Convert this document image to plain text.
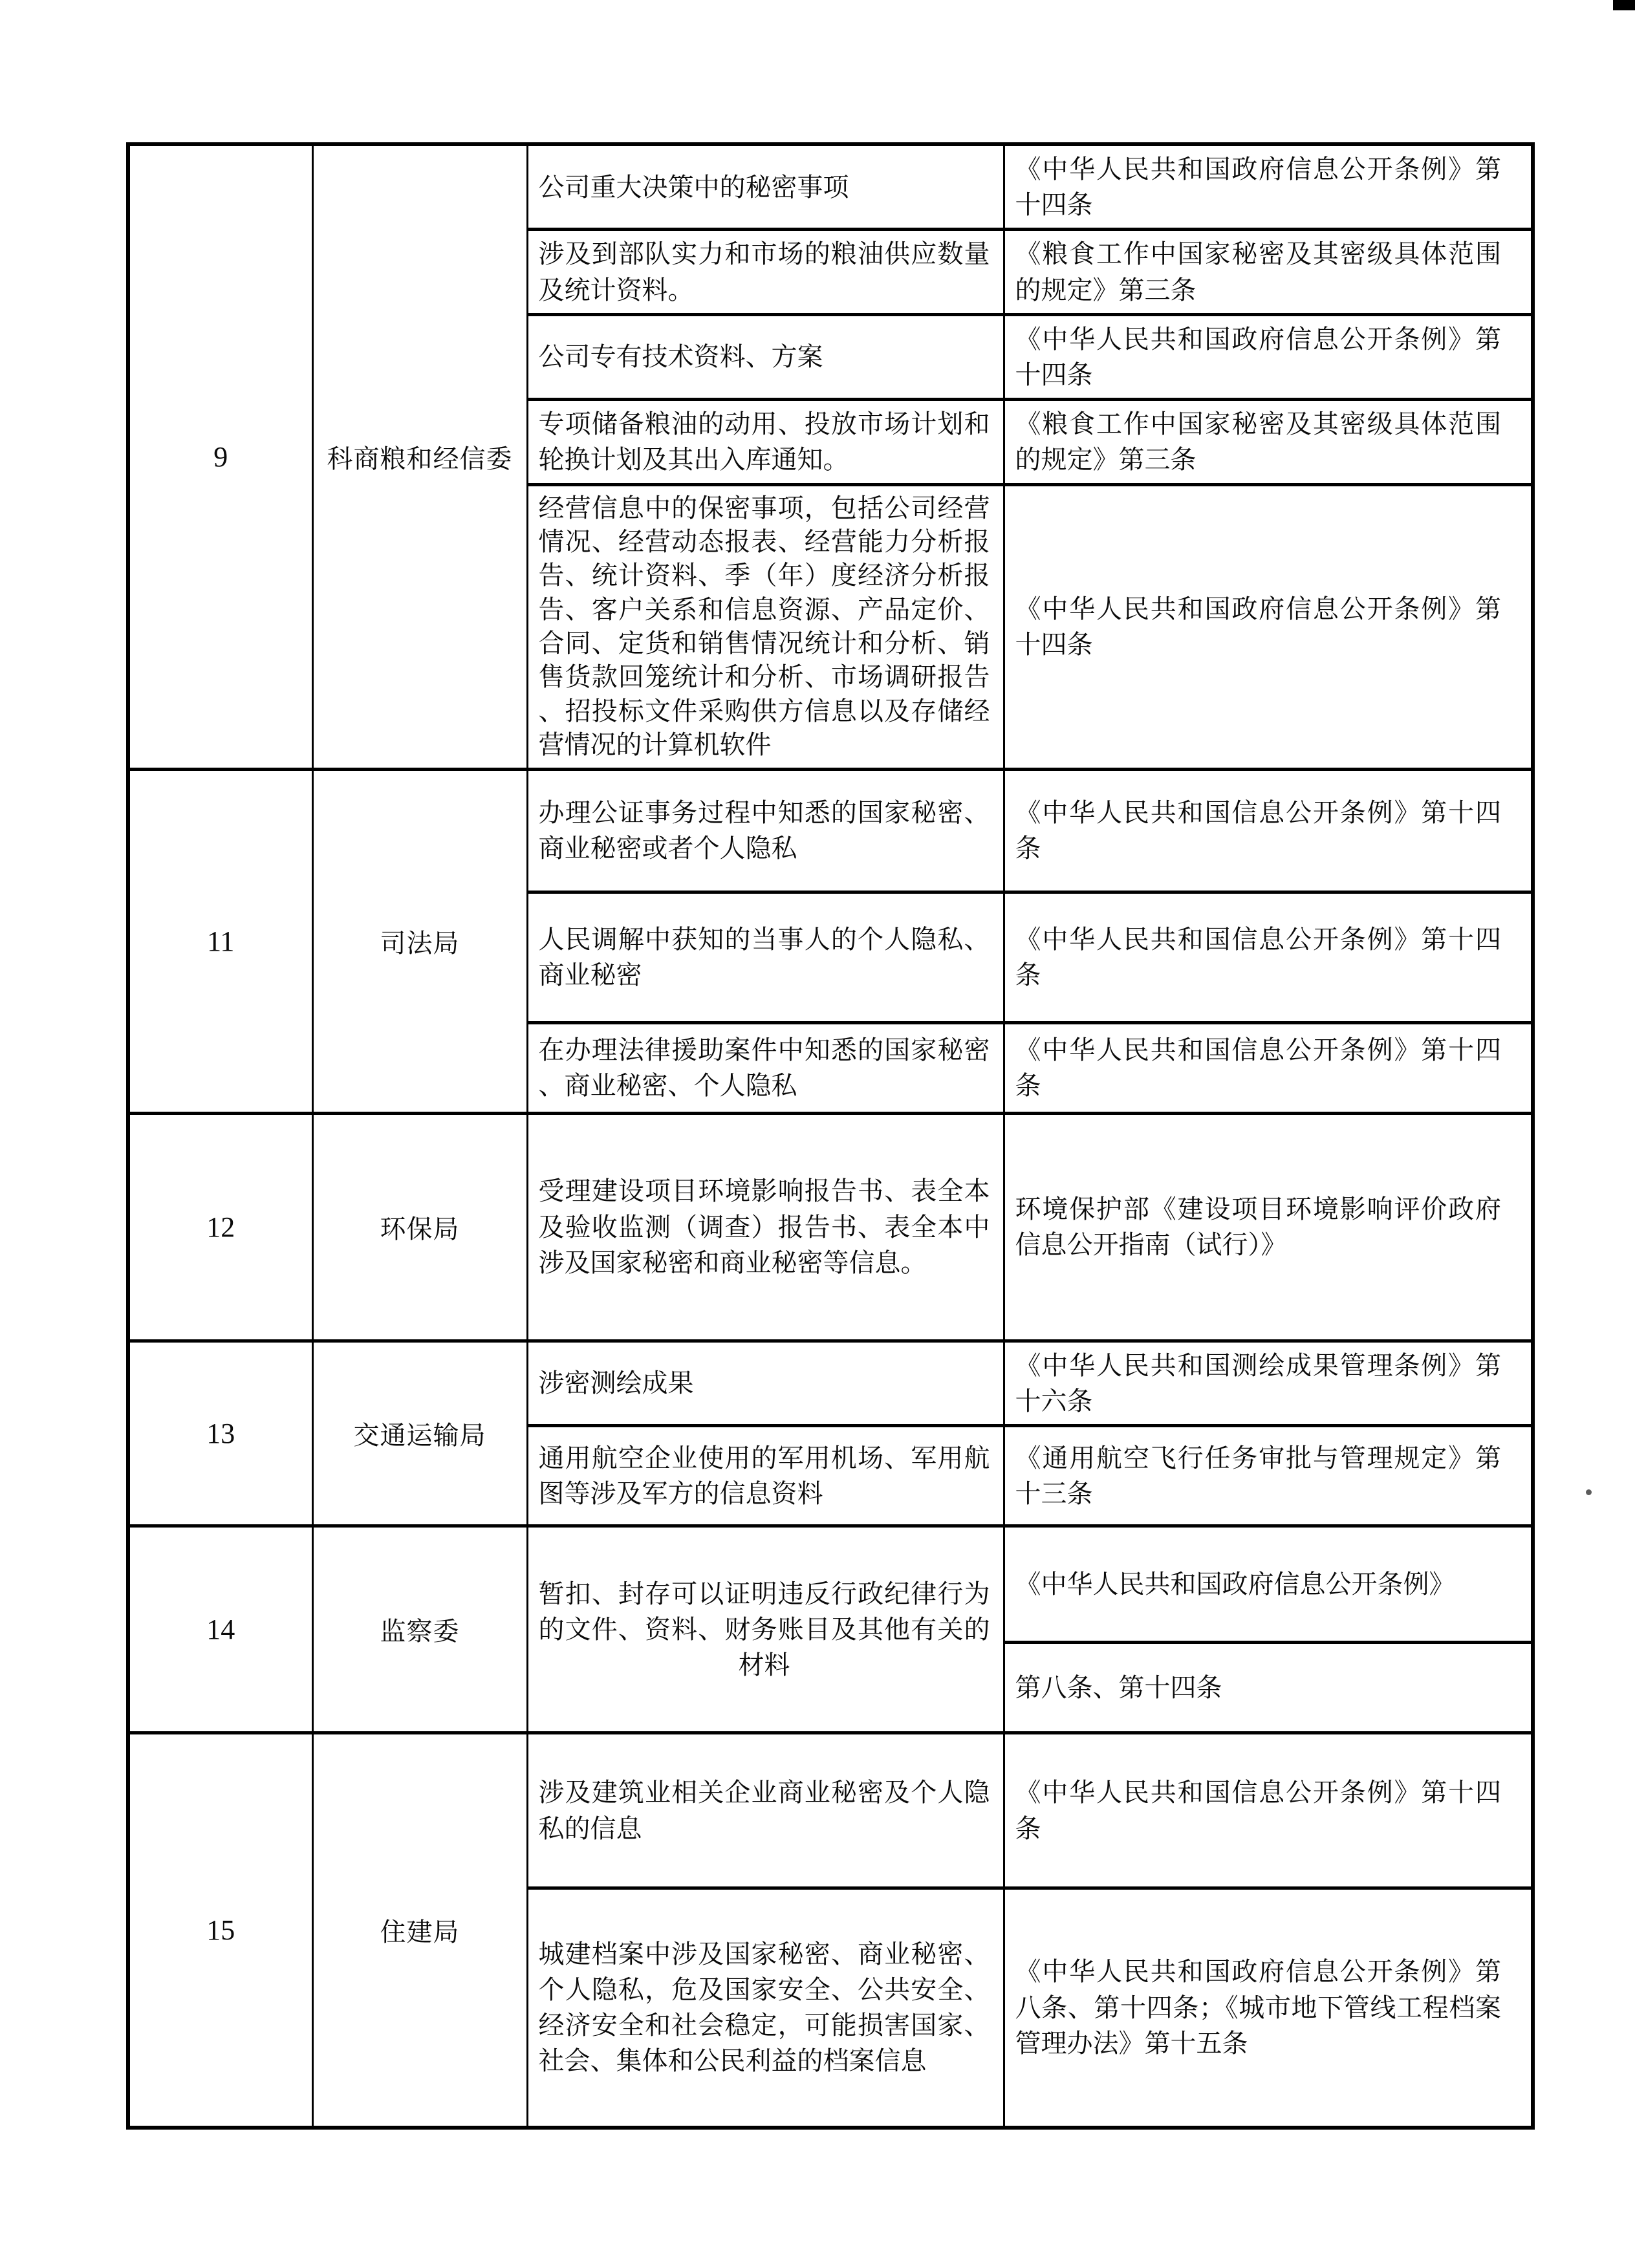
9	科商粮和经信委	公司重大决策中的秘密事项	《中华人民共和国政府信息公开条例》第十四条
		涉及到部队实力和市场的粮油供应数量及统计资料。	《粮食工作中国家秘密及其密级具体范围的规定》第三条
		公司专有技术资料、方案	《中华人民共和国政府信息公开条例》第十四条
		专项储备粮油的动用、投放市场计划和轮换计划及其出入库通知。	《粮食工作中国家秘密及其密级具体范围的规定》第三条
		经营信息中的保密事项，包括公司经营情况、经营动态报表、经营能力分析报告、统计资料、季（年）度经济分析报告、客户关系和信息资源、产品定价、合同、定货和销售情况统计和分析、销售货款回笼统计和分析、市场调研报告、招投标文件采购供方信息以及存储经营情况的计算机软件	《中华人民共和国政府信息公开条例》第十四条
11	司法局	办理公证事务过程中知悉的国家秘密、商业秘密或者个人隐私	《中华人民共和国信息公开条例》第十四条
		人民调解中获知的当事人的个人隐私、商业秘密	《中华人民共和国信息公开条例》第十四条
		在办理法律援助案件中知悉的国家秘密、商业秘密、个人隐私	《中华人民共和国信息公开条例》第十四条
12	环保局	受理建设项目环境影响报告书、表全本及验收监测（调查）报告书、表全本中涉及国家秘密和商业秘密等信息。	环境保护部《建设项目环境影响评价政府信息公开指南（试行）》
13	交通运输局	涉密测绘成果	《中华人民共和国测绘成果管理条例》第十六条
		通用航空企业使用的军用机场、军用航图等涉及军方的信息资料	《通用航空飞行任务审批与管理规定》第十三条
14	监察委	暂扣、封存可以证明违反行政纪律行为的文件、资料、财务账目及其他有关的材料	《中华人民共和国政府信息公开条例》
			第八条、第十四条
15	住建局	涉及建筑业相关企业商业秘密及个人隐私的信息	《中华人民共和国信息公开条例》第十四条
		城建档案中涉及国家秘密、商业秘密、个人隐私，危及国家安全、公共安全、经济安全和社会稳定，可能损害国家、社会、集体和公民利益的档案信息	《中华人民共和国政府信息公开条例》第八条、第十四条；《城市地下管线工程档案管理办法》第十五条
